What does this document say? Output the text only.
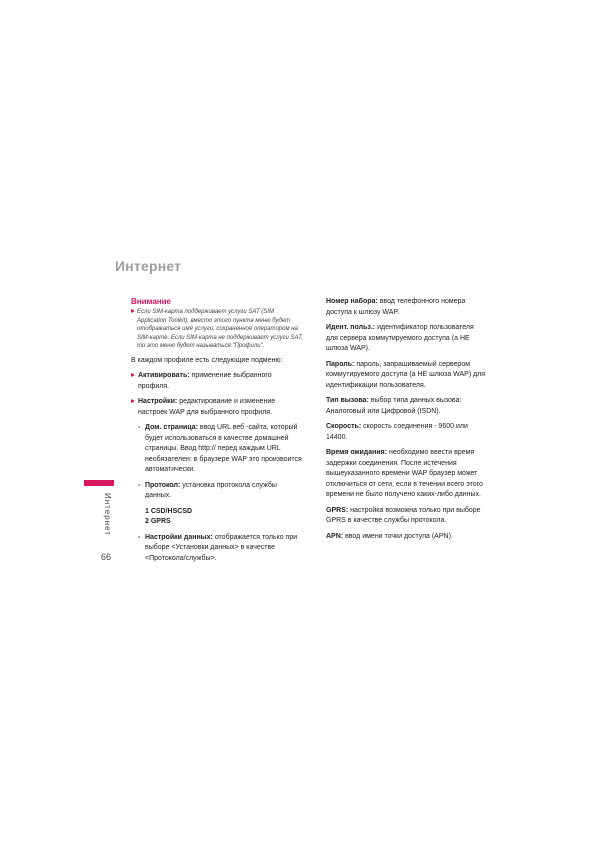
Интернет
Интернет
66
Внимание
Если SIM-карта поддерживает услуги SAT (SIM Application Toolkit), вместо этого пункта меню будет отображаться имя услуги, сохраненное оператором на SIM-карте. Если SIM-карта не поддерживает услуги SAT, то это меню будет называться "Профили".

В каждом профиле есть следующие подменю:

Активировать: применение выбранного профиля.
Настройки: редактирование и изменение настроек WAP для выбранного профиля.
- Дом. страница: ввод URL веб -сайта, который будет использоваться в качестве домашней страницы. Ввод http:// перед каждым URL необязателен: в браузере WAP это произвоится автоматически.
- Протокол: установка протокола службы данных.
1 CSD/HSCSD
2 GPRS
- Настройки данных: отображается только при выборе <Установки данных> в качестве <Протокола/службы>.
Номер набора: ввод телефонного номера доступа к шлюзу WAP.
Идент. польз.: идентификатор пользователя для сервера коммутируемого доступа (а НЕ шлюза WAP).
Пароль: пароль, запрашиваемый сервером коммутируемого доступа (а НЕ шлюза WAP) для идентификации пользователя.
Тип вызова: выбор типа данных вызова: Аналоговый или Цифровой (ISDN).
Скорость: скорость соединения - 9600 или 14400.
Время ожидания: необходимо ввести время задержки соединения. После истечения вышеуказанного времени WAP браузер может отключиться от сети, если в течении всего этого времени не было получено каких-либо данных.
GPRS: настройка возможна только при выборе GPRS в качестве службы протокола.
APN: ввод имени точки доступа (APN).
